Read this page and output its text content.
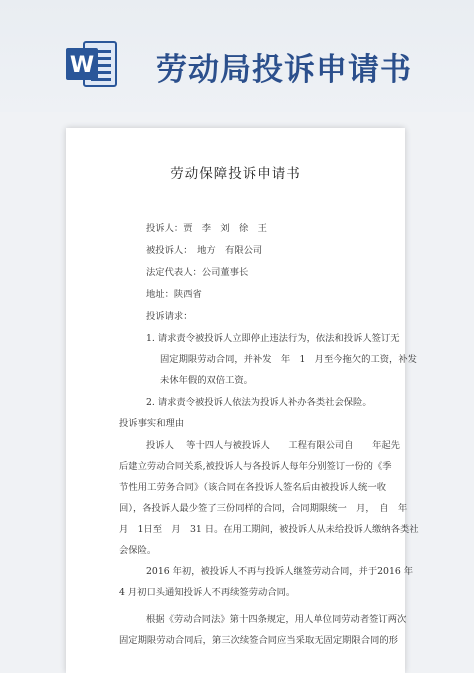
W 劳动局投诉申请书
劳动保障投诉申请书
投诉人：贾　李　刘　徐　王
被投诉人：　地方　有限公司
法定代表人：公司董事长
地址：陕西省
投诉请求：
1. 请求责令被投诉人立即停止违法行为，依法和投诉人签订无
固定期限劳动合同，并补发　年　1　月至今拖欠的工资，补发
未休年假的双倍工资。
2. 请求责令被投诉人依法为投诉人补办各类社会保险。
投诉事实和理由
投诉人　 等十四人与被投诉人　　工程有限公司自　　年起先
后建立劳动合同关系,被投诉人与各投诉人每年分别签订一份的《季
节性用工劳务合同》（该合同在各投诉人签名后由被投诉人统一收
回），各投诉人最少签了三份同样的合同，合同期限统一　月，　自　年
月　1日至　月　31 日。在用工期间，被投诉人从未给投诉人缴纳各类社
会保险。
2016 年初，被投诉人不再与投诉人继签劳动合同，并于2016 年
4 月初口头通知投诉人不再续签劳动合同。
根据《劳动合同法》第十四条规定，用人单位同劳动者签订两次
固定期限劳动合同后，第三次续签合同应当采取无固定期限合同的形
